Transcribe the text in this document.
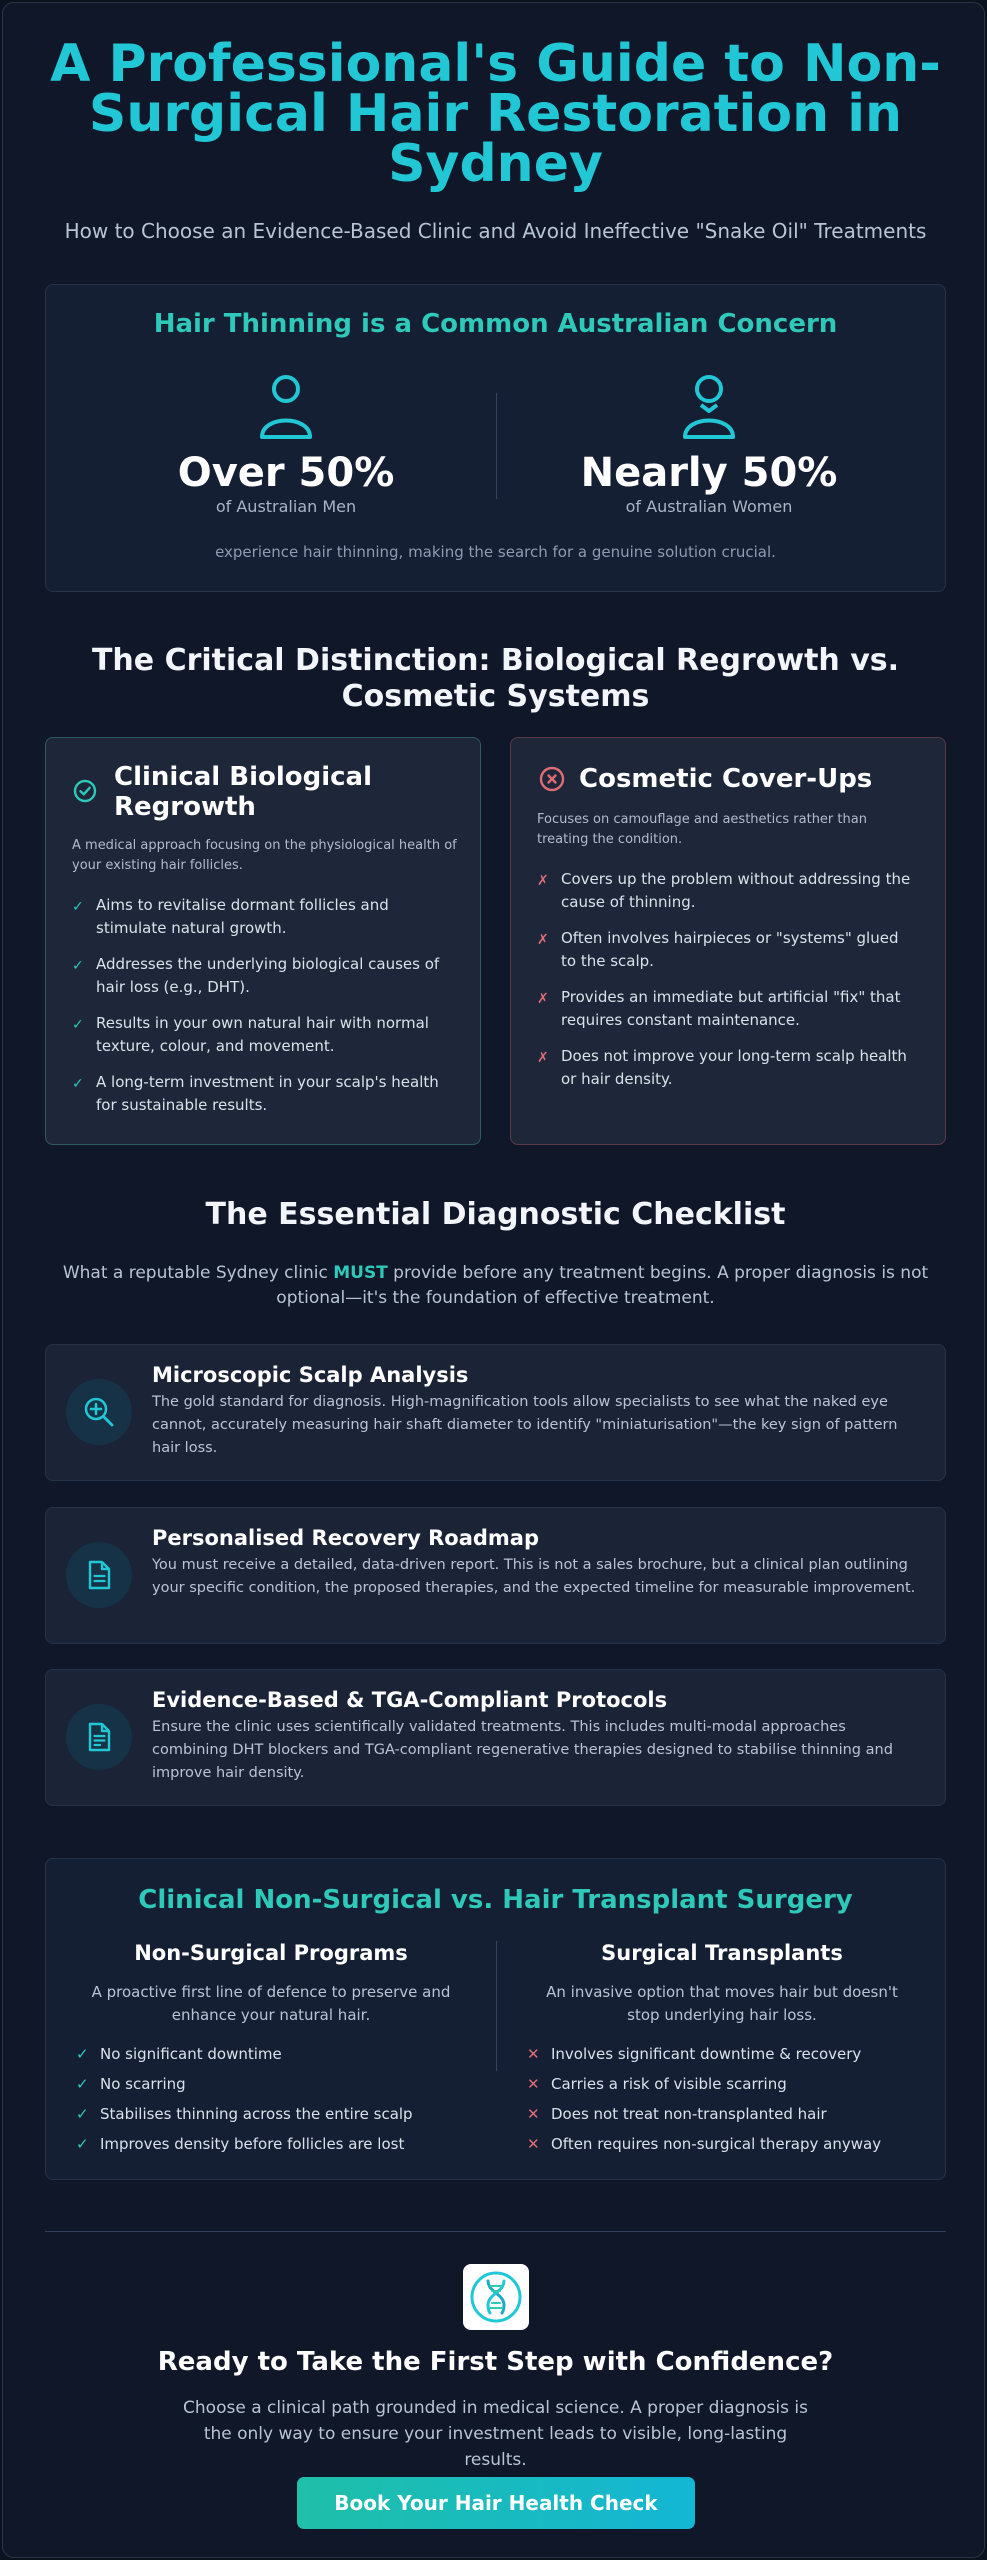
A Professional's Guide to Non-Surgical Hair Restoration in Sydney

How to Choose an Evidence-Based Clinic and Avoid Ineffective "Snake Oil" Treatments

Hair Thinning is a Common Australian Concern
Over 50%
of Australian Men
Nearly 50%
of Australian Women
experience hair thinning, making the search for a genuine solution crucial.
The Critical Distinction: Biological Regrowth vs. Cosmetic Systems
Clinical Biological Regrowth
A medical approach focusing on the physiological health of your existing hair follicles.
✓ Aims to revitalise dormant follicles and stimulate natural growth.
✓ Addresses the underlying biological causes of hair loss (e.g., DHT).
✓ Results in your own natural hair with normal texture, colour, and movement.
✓ A long-term investment in your scalp's health for sustainable results.
Cosmetic Cover-Ups
Focuses on camouflage and aesthetics rather than treating the condition.
✗ Covers up the problem without addressing the cause of thinning.
✗ Often involves hairpieces or "systems" glued to the scalp.
✗ Provides an immediate but artificial "fix" that requires constant maintenance.
✗ Does not improve your long-term scalp health or hair density.
The Essential Diagnostic Checklist

What a reputable Sydney clinic MUST provide before any treatment begins. A proper diagnosis is not optional—it's the foundation of effective treatment.

Microscopic Scalp Analysis
The gold standard for diagnosis. High-magnification tools allow specialists to see what the naked eye cannot, accurately measuring hair shaft diameter to identify "miniaturisation"—the key sign of pattern hair loss.
Personalised Recovery Roadmap
You must receive a detailed, data-driven report. This is not a sales brochure, but a clinical plan outlining your specific condition, the proposed therapies, and the expected timeline for measurable improvement.
Evidence-Based & TGA-Compliant Protocols
Ensure the clinic uses scientifically validated treatments. This includes multi-modal approaches combining DHT blockers and TGA-compliant regenerative therapies designed to stabilise thinning and improve hair density.
Clinical Non-Surgical vs. Hair Transplant Surgery
Non-Surgical Programs
A proactive first line of defence to preserve and enhance your natural hair.
✓ No significant downtime
✓ No scarring
✓ Stabilises thinning across the entire scalp
✓ Improves density before follicles are lost
Surgical Transplants
An invasive option that moves hair but doesn't stop underlying hair loss.
✕ Involves significant downtime & recovery
✕ Carries a risk of visible scarring
✕ Does not treat non-transplanted hair
✕ Often requires non-surgical therapy anyway
Ready to Take the First Step with Confidence?

Choose a clinical path grounded in medical science. A proper diagnosis is the only way to ensure your investment leads to visible, long-lasting results.

Book Your Hair Health Check
